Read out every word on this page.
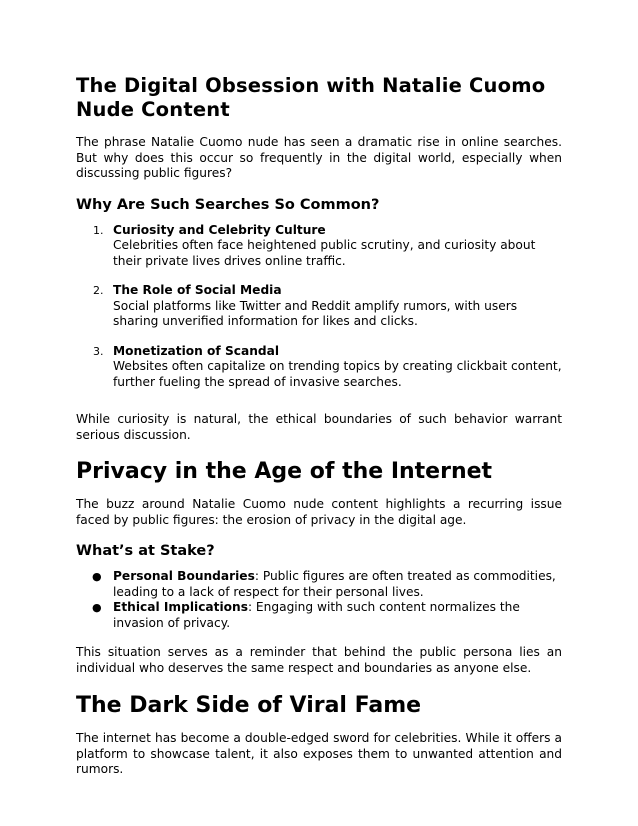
The Digital Obsession with Natalie Cuomo Nude Content

The phrase Natalie Cuomo nude has seen a dramatic rise in online searches. But why does this occur so frequently in the digital world, especially when discussing public figures?

Why Are Such Searches So Common?
1. Curiosity and Celebrity Culture
Celebrities often face heightened public scrutiny, and curiosity about their private lives drives online traffic.
2. The Role of Social Media
Social platforms like Twitter and Reddit amplify rumors, with users sharing unverified information for likes and clicks.
3. Monetization of Scandal
Websites often capitalize on trending topics by creating clickbait content, further fueling the spread of invasive searches.

While curiosity is natural, the ethical boundaries of such behavior warrant serious discussion.

Privacy in the Age of the Internet

The buzz around Natalie Cuomo nude content highlights a recurring issue faced by public figures: the erosion of privacy in the digital age.

What’s at Stake?
● Personal Boundaries: Public figures are often treated as commodities, leading to a lack of respect for their personal lives.
● Ethical Implications: Engaging with such content normalizes the invasion of privacy.

This situation serves as a reminder that behind the public persona lies an individual who deserves the same respect and boundaries as anyone else.

The Dark Side of Viral Fame

The internet has become a double-edged sword for celebrities. While it offers a platform to showcase talent, it also exposes them to unwanted attention and rumors.
